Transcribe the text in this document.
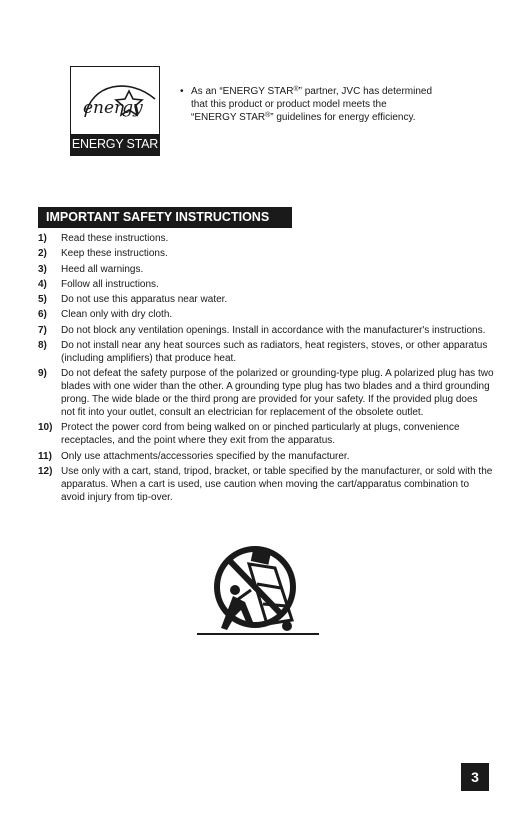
energy
ENERGY STAR
• As an “ENERGY STAR®” partner, JVC has determined
that this product or product model meets the
“ENERGY STAR®” guidelines for energy efficiency.
IMPORTANT SAFETY INSTRUCTIONS
1) Read these instructions.
2) Keep these instructions.
3) Heed all warnings.
4) Follow all instructions.
5) Do not use this apparatus near water.
6) Clean only with dry cloth.
7) Do not block any ventilation openings. Install in accordance with the manufacturer's instructions.
8) Do not install near any heat sources such as radiators, heat registers, stoves, or other apparatus (including amplifiers) that produce heat.
9) Do not defeat the safety purpose of the polarized or grounding-type plug. A polarized plug has two blades with one wider than the other. A grounding type plug has two blades and a third grounding prong. The wide blade or the third prong are provided for your safety. If the provided plug does not fit into your outlet, consult an electrician for replacement of the obsolete outlet.
10) Protect the power cord from being walked on or pinched particularly at plugs, convenience receptacles, and the point where they exit from the apparatus.
11) Only use attachments/accessories specified by the manufacturer.
12) Use only with a cart, stand, tripod, bracket, or table specified by the manufacturer, or sold with the apparatus. When a cart is used, use caution when moving the cart/apparatus combination to avoid injury from tip-over.
3
